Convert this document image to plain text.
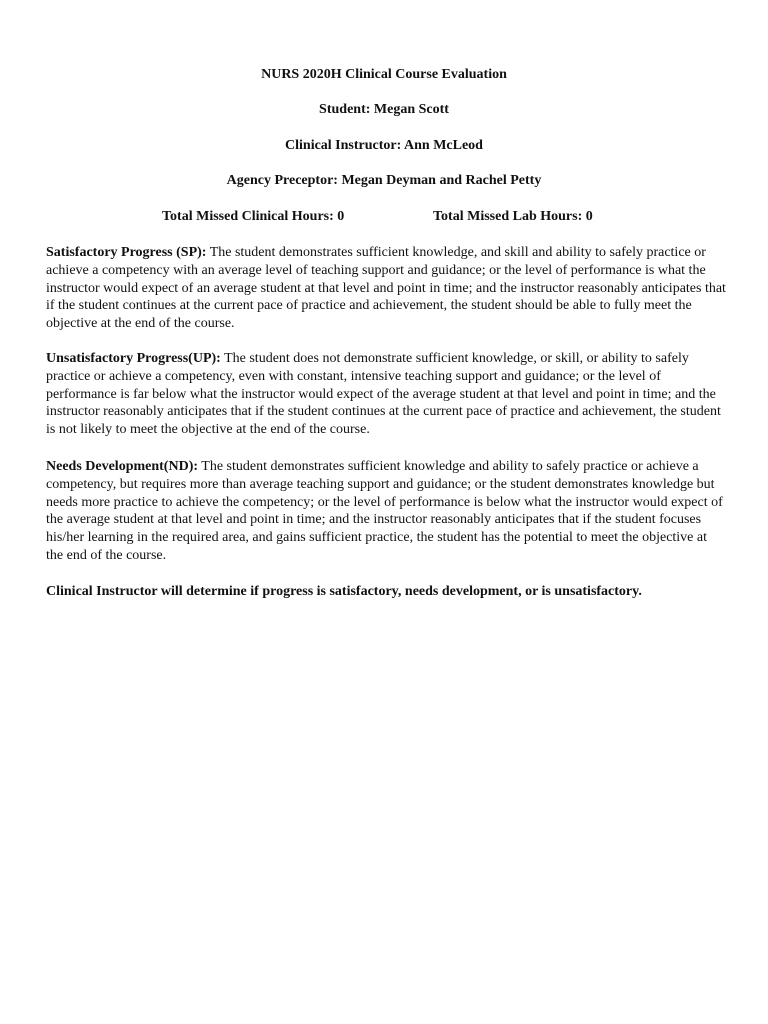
NURS 2020H Clinical Course Evaluation
Student: Megan Scott
Clinical Instructor: Ann McLeod
Agency Preceptor: Megan Deyman and Rachel Petty
Total Missed Clinical Hours: 0	Total Missed Lab Hours: 0

Satisfactory Progress (SP): The student demonstrates sufficient knowledge, and skill and ability to safely practice or achieve a competency with an average level of teaching support and guidance; or the level of performance is what the instructor would expect of an average student at that level and point in time; and the instructor reasonably anticipates that if the student continues at the current pace of practice and achievement, the student should be able to fully meet the objective at the end of the course.

Unsatisfactory Progress(UP): The student does not demonstrate sufficient knowledge, or skill, or ability to safely practice or achieve a competency, even with constant, intensive teaching support and guidance; or the level of performance is far below what the instructor would expect of the average student at that level and point in time; and the instructor reasonably anticipates that if the student continues at the current pace of practice and achievement, the student is not likely to meet the objective at the end of the course.

Needs Development(ND): The student demonstrates sufficient knowledge and ability to safely practice or achieve a competency, but requires more than average teaching support and guidance; or the student demonstrates knowledge but needs more practice to achieve the competency; or the level of performance is below what the instructor would expect of the average student at that level and point in time; and the instructor reasonably anticipates that if the student focuses his/her learning in the required area, and gains sufficient practice, the student has the potential to meet the objective at the end of the course.

Clinical Instructor will determine if progress is satisfactory, needs development, or is unsatisfactory.
